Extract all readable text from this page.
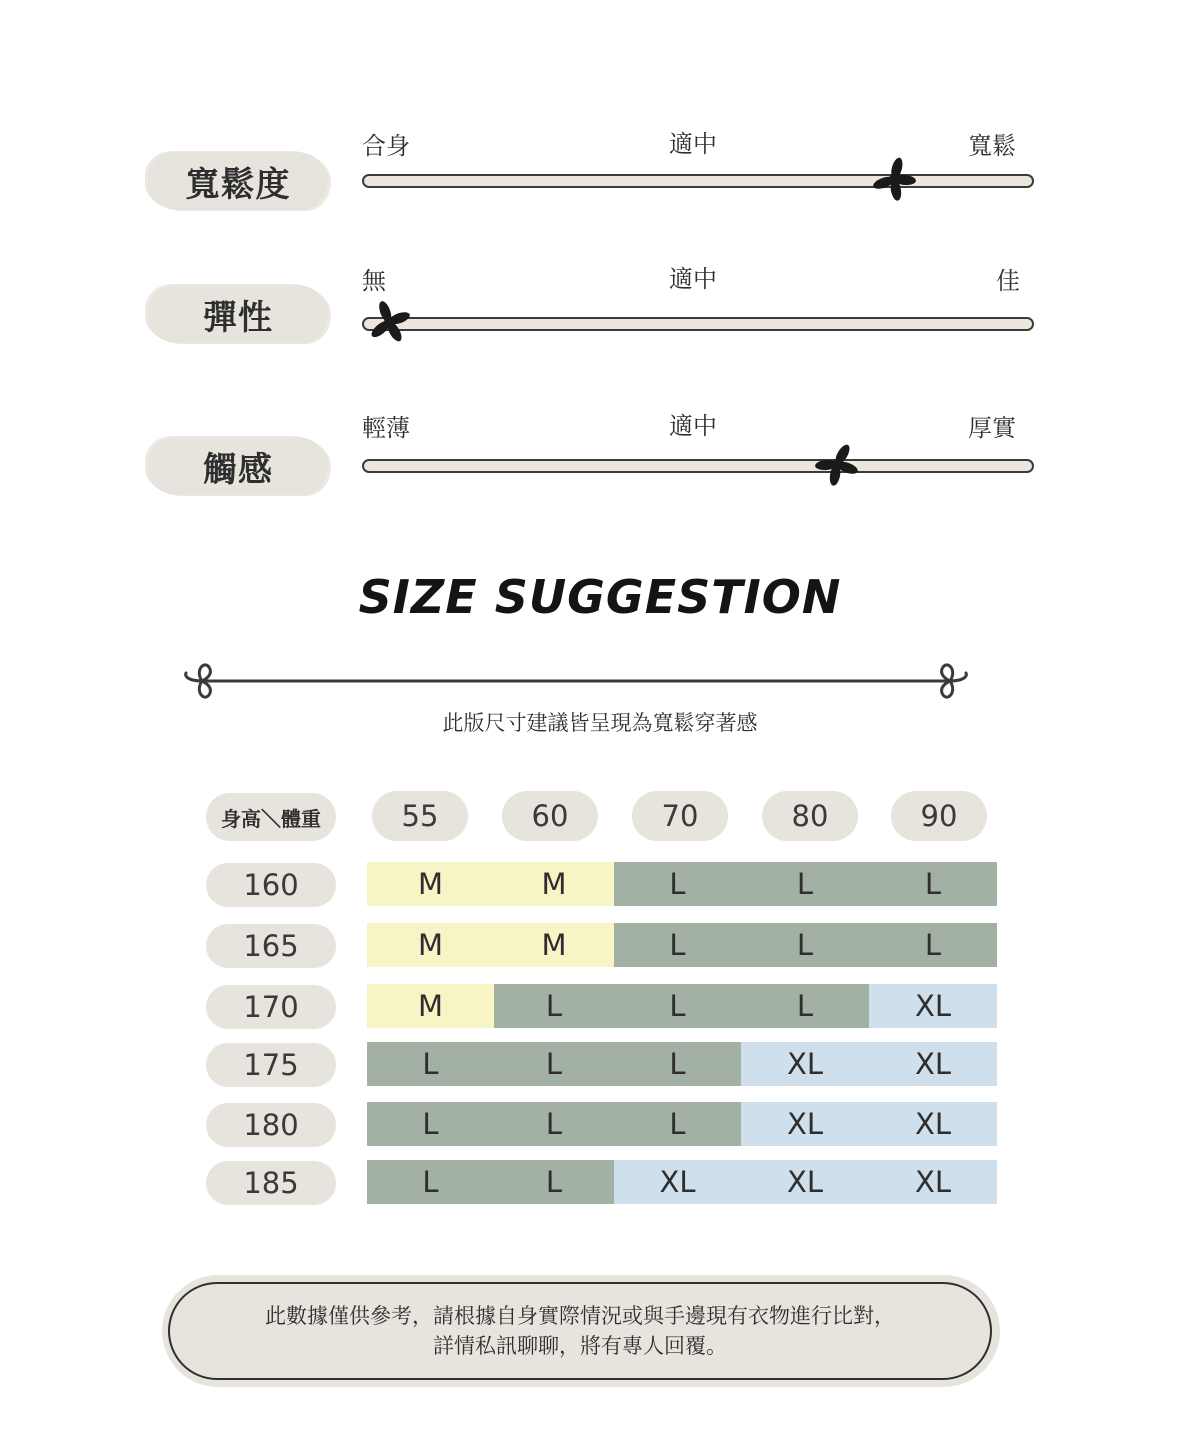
寬鬆度
合身	適中	寬鬆
彈性
無	適中	佳
觸感
輕薄	適中	厚實
SIZE SUGGESTION
此版尺寸建議皆呈現為寬鬆穿著感
身高＼體重	55	60	70	80	90
160	M	M	L	L	L
165	M	M	L	L	L
170	M	L	L	L	XL
175	L	L	L	XL	XL
180	L	L	L	XL	XL
185	L	L	XL	XL	XL
此數據僅供參考，請根據自身實際情況或與手邊現有衣物進行比對，
詳情私訊聊聊，將有專人回覆。
